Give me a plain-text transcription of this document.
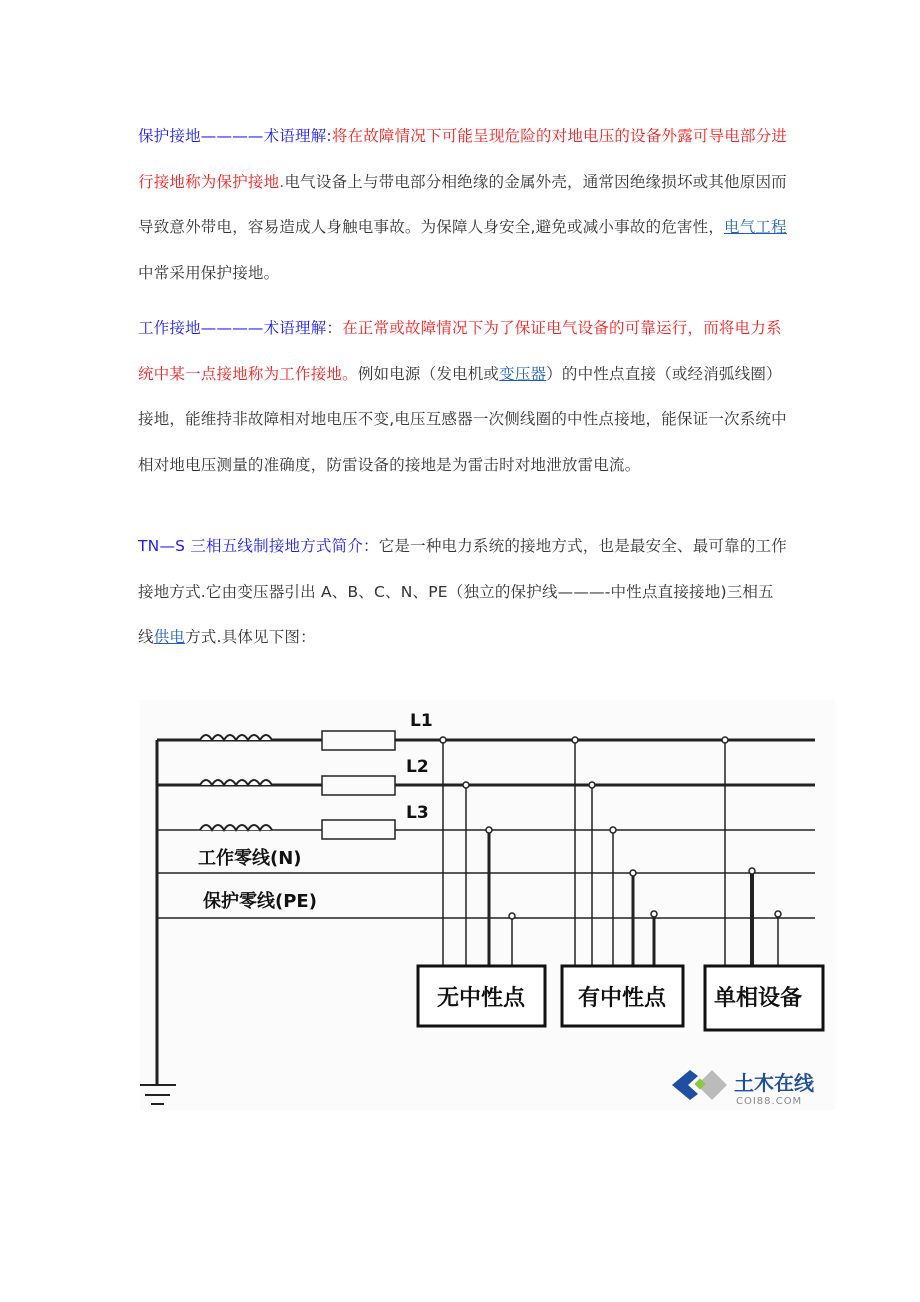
保护接地————术语理解:将在故障情况下可能呈现危险的对地电压的设备外露可导电部分进行接地称为保护接地.电气设备上与带电部分相绝缘的金属外壳，通常因绝缘损坏或其他原因而导致意外带电，容易造成人身触电事故。为保障人身安全,避免或减小事故的危害性，电气工程中常采用保护接地。
工作接地————术语理解：在正常或故障情况下为了保证电气设备的可靠运行，而将电力系统中某一点接地称为工作接地。例如电源（发电机或变压器）的中性点直接（或经消弧线圈）接地，能维持非故障相对地电压不变,电压互感器一次侧线圈的中性点接地，能保证一次系统中相对地电压测量的准确度，防雷设备的接地是为雷击时对地泄放雷电流。
TN—S 三相五线制接地方式简介：它是一种电力系统的接地方式，也是最安全、最可靠的工作接地方式.它由变压器引出 A、B、C、N、PE（独立的保护线———-中性点直接接地)三相五线供电方式.具体见下图：
L1
L2
L3
工作零线(N)
保护零线(PE)
无中性点 有中性点 单相设备
土木在线
COI88.COM
